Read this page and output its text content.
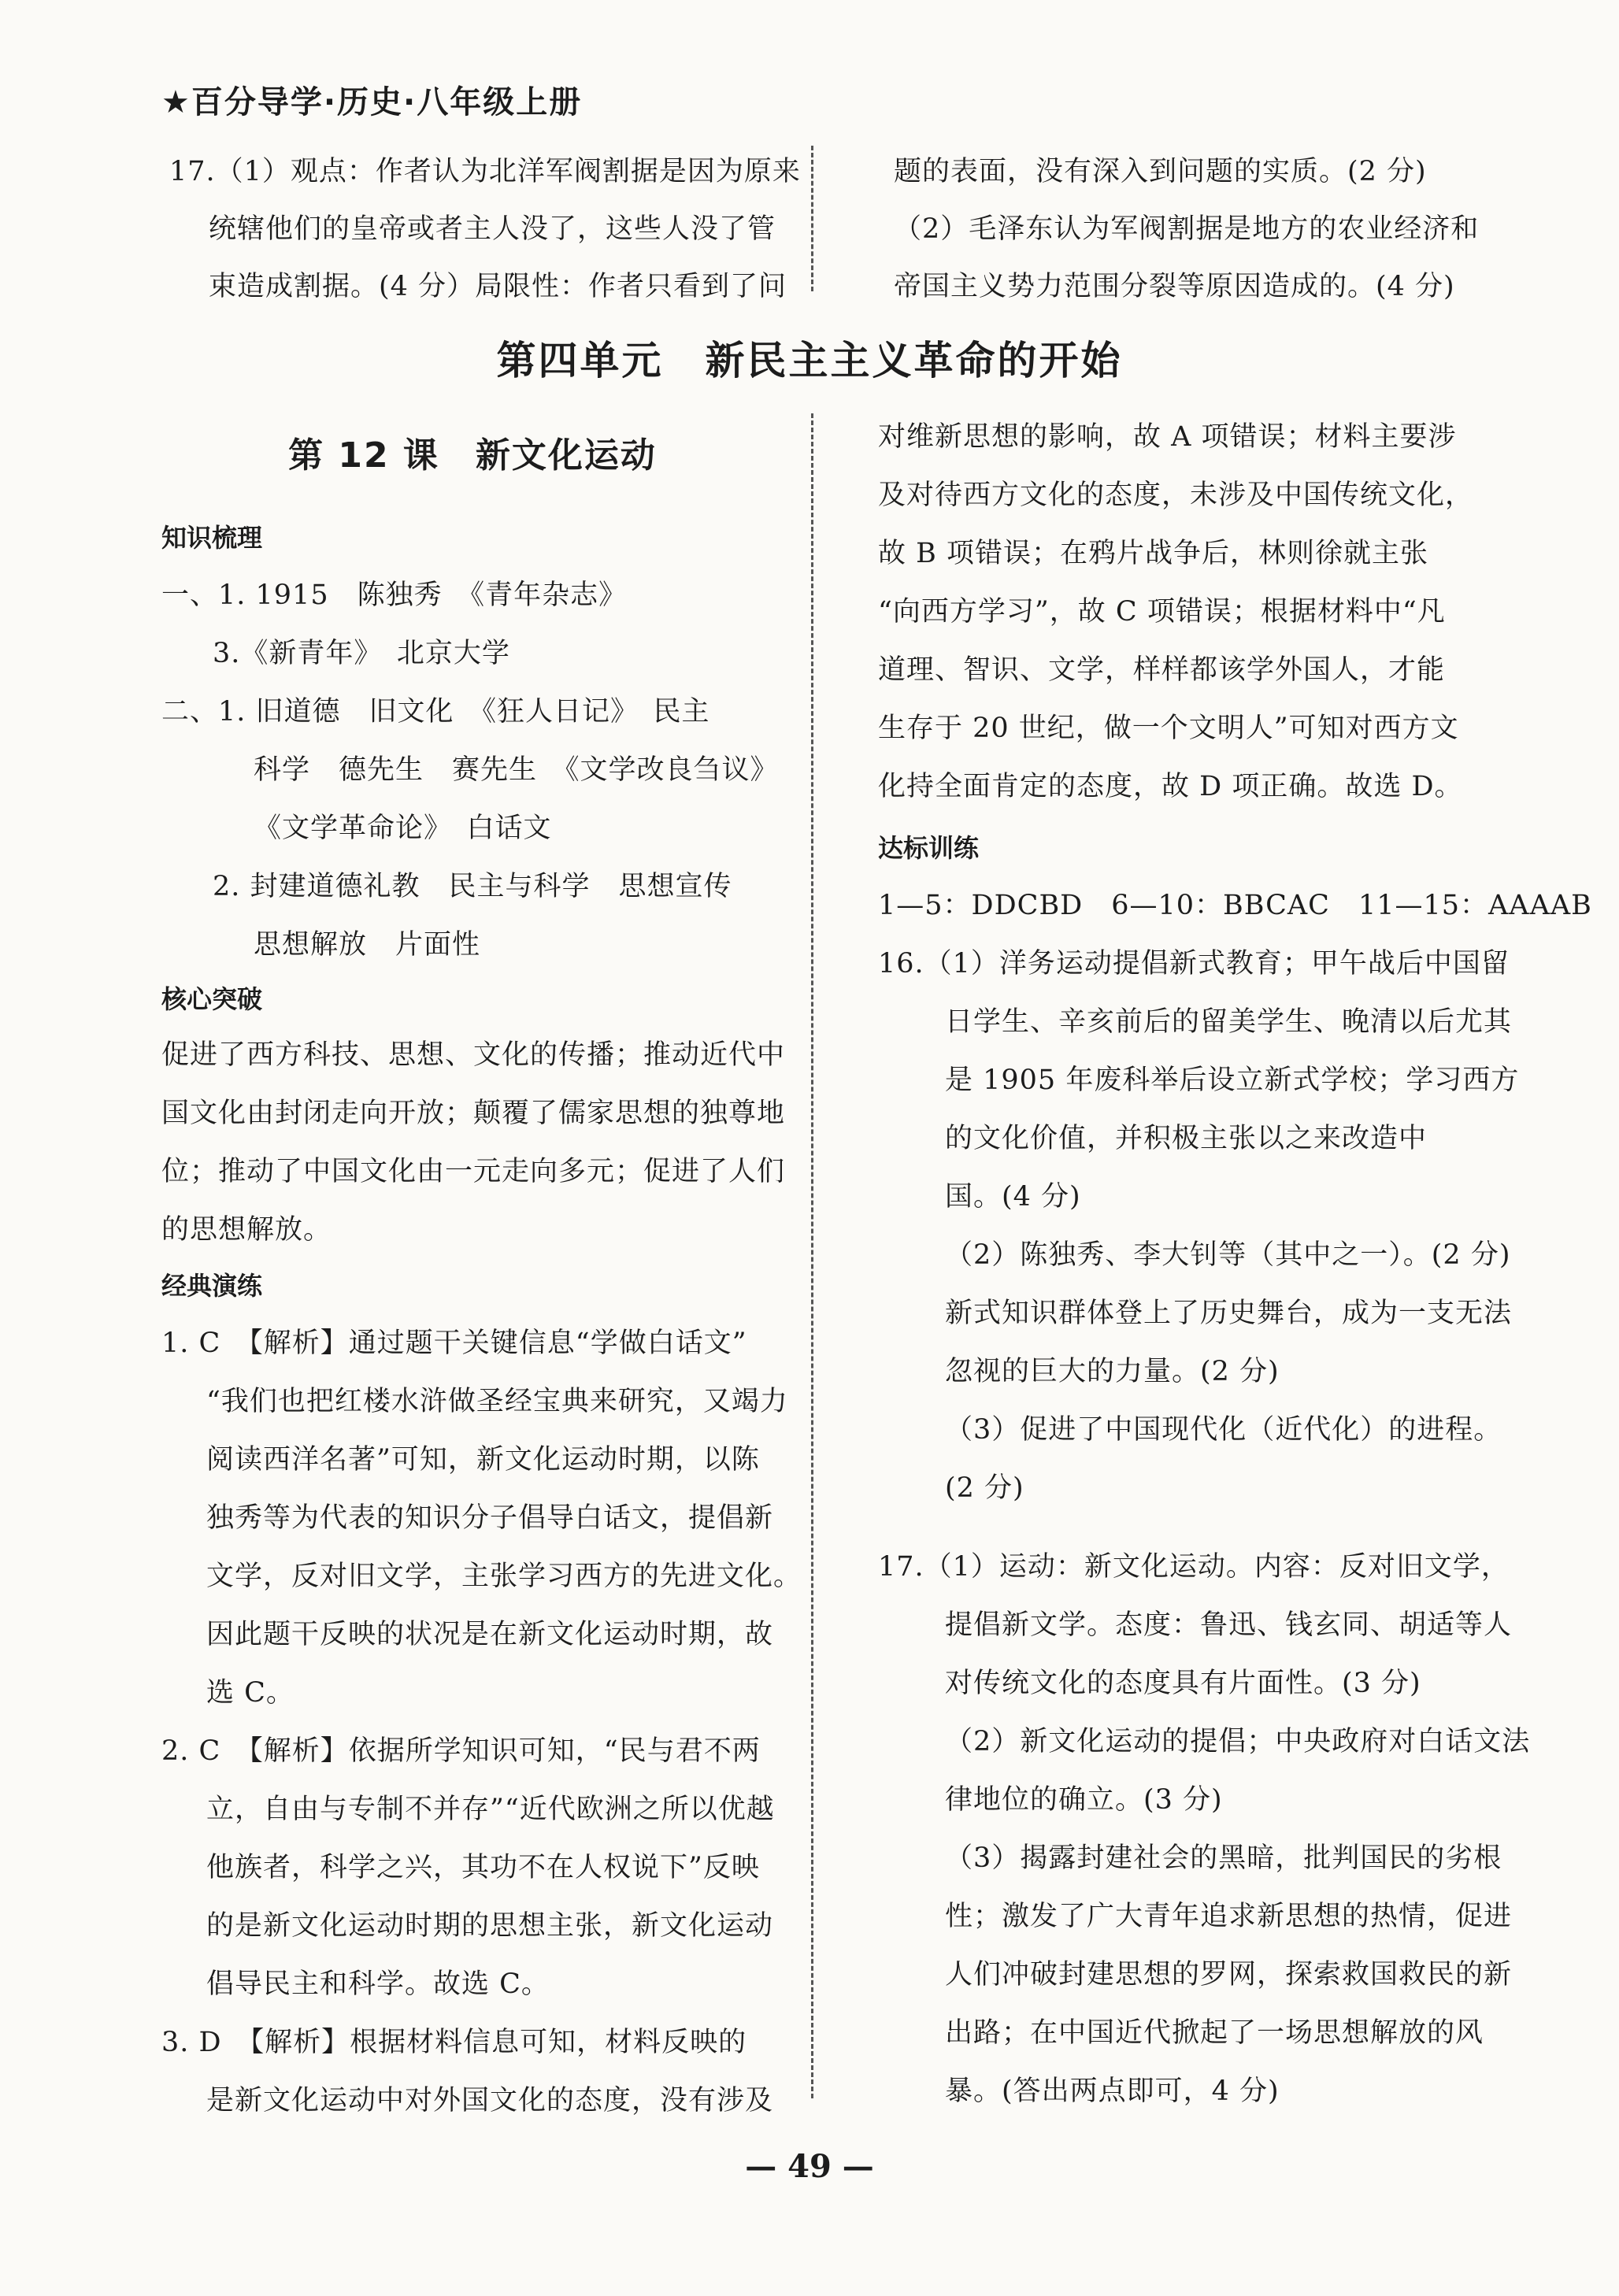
★百分导学·历史·八年级上册
17.（1）观点：作者认为北洋军阀割据是因为原来
统辖他们的皇帝或者主人没了，这些人没了管
束造成割据。(4 分）局限性：作者只看到了问
题的表面，没有深入到问题的实质。(2 分)
（2）毛泽东认为军阀割据是地方的农业经济和
帝国主义势力范围分裂等原因造成的。(4 分)
第四单元　新民主主义革命的开始
第 12 课　新文化运动
知识梳理
一、1. 1915　陈独秀　《青年杂志》
3.《新青年》　北京大学
二、1. 旧道德　旧文化　《狂人日记》　民主
科学　德先生　赛先生　《文学改良刍议》
《文学革命论》　白话文
2. 封建道德礼教　民主与科学　思想宣传
思想解放　片面性
核心突破
促进了西方科技、思想、文化的传播；推动近代中
国文化由封闭走向开放；颠覆了儒家思想的独尊地
位；推动了中国文化由一元走向多元；促进了人们
的思想解放。
经典演练
1. C　【解析】通过题干关键信息“学做白话文”
“我们也把红楼水浒做圣经宝典来研究，又竭力
阅读西洋名著”可知，新文化运动时期，以陈
独秀等为代表的知识分子倡导白话文，提倡新
文学，反对旧文学，主张学习西方的先进文化。
因此题干反映的状况是在新文化运动时期，故
选 C。
2. C　【解析】依据所学知识可知，“民与君不两
立，自由与专制不并存”“近代欧洲之所以优越
他族者，科学之兴，其功不在人权说下”反映
的是新文化运动时期的思想主张，新文化运动
倡导民主和科学。故选 C。
3. D　【解析】根据材料信息可知，材料反映的
是新文化运动中对外国文化的态度，没有涉及
对维新思想的影响，故 A 项错误；材料主要涉
及对待西方文化的态度，未涉及中国传统文化，
故 B 项错误；在鸦片战争后，林则徐就主张
“向西方学习”，故 C 项错误；根据材料中“凡
道理、智识、文学，样样都该学外国人，才能
生存于 20 世纪，做一个文明人”可知对西方文
化持全面肯定的态度，故 D 项正确。故选 D。
达标训练
1—5：DDCBD　6—10：BBCAC　11—15：AAAAB
16.（1）洋务运动提倡新式教育；甲午战后中国留
日学生、辛亥前后的留美学生、晚清以后尤其
是 1905 年废科举后设立新式学校；学习西方
的文化价值，并积极主张以之来改造中
国。(4 分)
（2）陈独秀、李大钊等（其中之一）。(2 分)
新式知识群体登上了历史舞台，成为一支无法
忽视的巨大的力量。(2 分)
（3）促进了中国现代化（近代化）的进程。
(2 分)
17.（1）运动：新文化运动。内容：反对旧文学，
提倡新文学。态度：鲁迅、钱玄同、胡适等人
对传统文化的态度具有片面性。(3 分)
（2）新文化运动的提倡；中央政府对白话文法
律地位的确立。(3 分)
（3）揭露封建社会的黑暗，批判国民的劣根
性；激发了广大青年追求新思想的热情，促进
人们冲破封建思想的罗网，探索救国救民的新
出路；在中国近代掀起了一场思想解放的风
暴。(答出两点即可，4 分)
— 49 —
